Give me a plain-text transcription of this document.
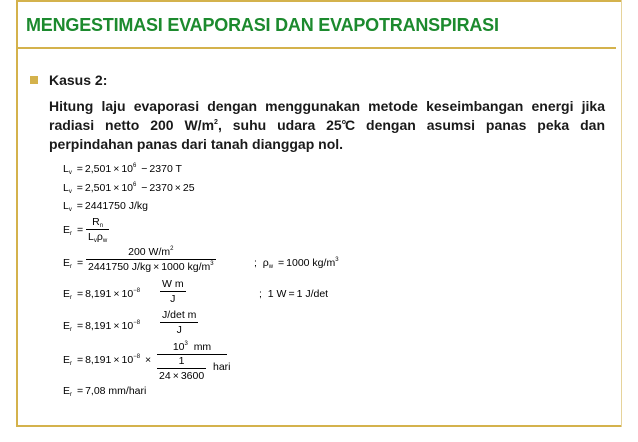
MENGESTIMASI EVAPORASI DAN EVAPOTRANSPIRASI
Kasus 2:
Hitung laju evaporasi dengan menggunakan metode keseimbangan energi jika radiasi netto 200 $W/m^2$, suhu udara 25$^o$C dengan asumsi panas peka dan perpindahan panas dari tanah dianggap nol.
$L_v = 2,501 \times 10^6 - 2370$ T
$L_v = 2,501 \times 10^6 - 2370 \times 25$
$L_v = 2441750$ J/kg
$E_r$ =
$R_n$
$L_v\rho_w$
$E_r = \frac{200 W/m^2}{2441750 J/kg \times 1000 kg/m^3}$	; $\rho_w = 1000$ $kg/m^3$
$E_r = 8,191 \times 10^{-8} \frac{\text{W m}}{J}$	; 1 W = 1 J/det
$E_r = 8,191 \times 10^{-8}$
J/det m
J
$E_r = 8,191 \times 10^{-8}$ ×
$10^3$ mm
$\frac{1}{24 \times 3600}$ hari
$E_r = 7,08$ mm/hari
